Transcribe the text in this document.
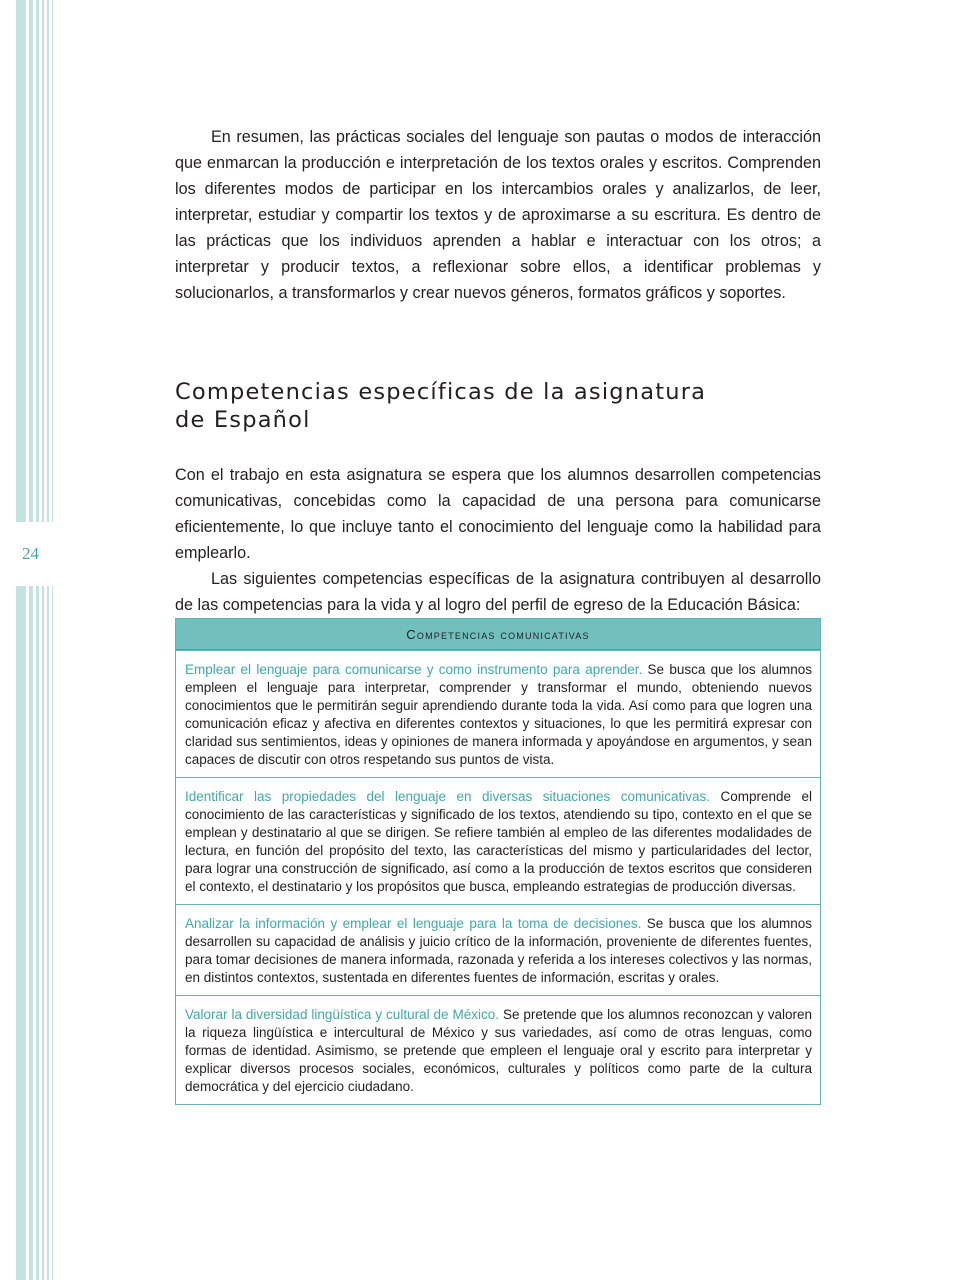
24

En resumen, las prácticas sociales del lenguaje son pautas o modos de interacción que enmarcan la producción e interpretación de los textos orales y escritos. Comprenden los diferentes modos de participar en los intercambios orales y analizarlos, de leer, interpretar, estudiar y compartir los textos y de aproximarse a su escritura. Es dentro de las prácticas que los individuos aprenden a hablar e interactuar con los otros; a interpretar y producir textos, a reflexionar sobre ellos, a identificar problemas y solucionarlos, a transformarlos y crear nuevos géneros, formatos gráficos y soportes.

Competencias específicas de la asignatura
de Español

Con el trabajo en esta asignatura se espera que los alumnos desarrollen competencias comunicativas, concebidas como la capacidad de una persona para comunicarse eficientemente, lo que incluye tanto el conocimiento del lenguaje como la habilidad para emplearlo.

Las siguientes competencias específicas de la asignatura contribuyen al desarrollo de las competencias para la vida y al logro del perfil de egreso de la Educación Básica:

Competencias comunicativas
Emplear el lenguaje para comunicarse y como instrumento para aprender. Se busca que los alumnos empleen el lenguaje para interpretar, comprender y transformar el mundo, obteniendo nuevos conocimientos que le permitirán seguir aprendiendo durante toda la vida. Así como para que logren una comunicación eficaz y afectiva en diferentes contextos y situaciones, lo que les permitirá expresar con claridad sus sentimientos, ideas y opiniones de manera informada y apoyándose en argumentos, y sean capaces de discutir con otros respetando sus puntos de vista.
Identificar las propiedades del lenguaje en diversas situaciones comunicativas. Comprende el conocimiento de las características y significado de los textos, atendiendo su tipo, contexto en el que se emplean y destinatario al que se dirigen. Se refiere también al empleo de las diferentes modalidades de lectura, en función del propósito del texto, las características del mismo y particularidades del lector, para lograr una construcción de significado, así como a la producción de textos escritos que consideren el contexto, el destinatario y los propósitos que busca, empleando estrategias de producción diversas.
Analizar la información y emplear el lenguaje para la toma de decisiones. Se busca que los alumnos desarrollen su capacidad de análisis y juicio crítico de la información, proveniente de diferentes fuentes, para tomar decisiones de manera informada, razonada y referida a los intereses colectivos y las normas, en distintos contextos, sustentada en diferentes fuentes de información, escritas y orales.
Valorar la diversidad lingüística y cultural de México. Se pretende que los alumnos reconozcan y valoren la riqueza lingüística e intercultural de México y sus variedades, así como de otras lenguas, como formas de identidad. Asimismo, se pretende que empleen el lenguaje oral y escrito para interpretar y explicar diversos procesos sociales, económicos, culturales y políticos como parte de la cultura democrática y del ejercicio ciudadano.
